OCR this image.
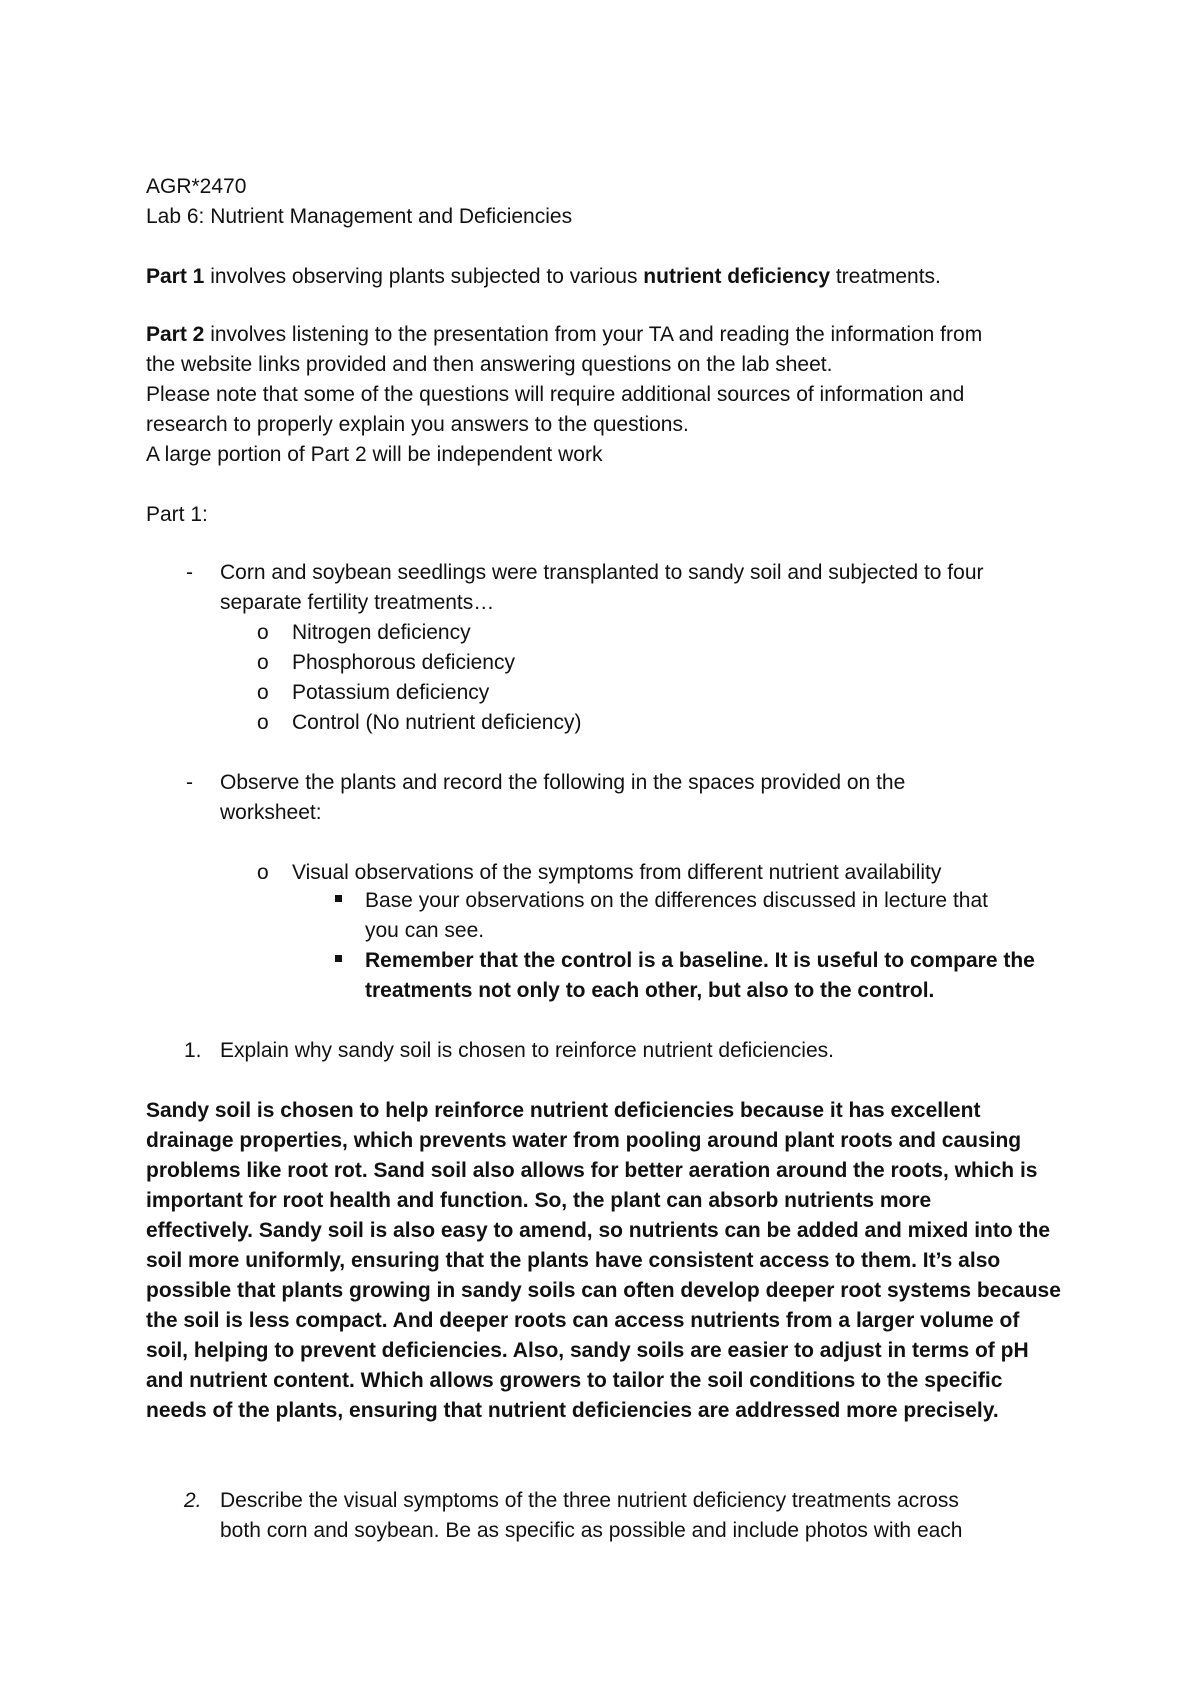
AGR*2470
Lab 6: Nutrient Management and Deficiencies
Part 1 involves observing plants subjected to various nutrient deficiency treatments.
Part 2 involves listening to the presentation from your TA and reading the information from
the website links provided and then answering questions on the lab sheet.
Please note that some of the questions will require additional sources of information and
research to properly explain you answers to the questions.
A large portion of Part 2 will be independent work
Part 1:
- Corn and soybean seedlings were transplanted to sandy soil and subjected to four
separate fertility treatments…
o Nitrogen deficiency
o Phosphorous deficiency
o Potassium deficiency
o Control (No nutrient deficiency)
- Observe the plants and record the following in the spaces provided on the
worksheet:
o Visual observations of the symptoms from different nutrient availability
Base your observations on the differences discussed in lecture that
you can see.
Remember that the control is a baseline. It is useful to compare the
treatments not only to each other, but also to the control.
1. Explain why sandy soil is chosen to reinforce nutrient deficiencies.
Sandy soil is chosen to help reinforce nutrient deficiencies because it has excellent
drainage properties, which prevents water from pooling around plant roots and causing
problems like root rot. Sand soil also allows for better aeration around the roots, which is
important for root health and function. So, the plant can absorb nutrients more
effectively. Sandy soil is also easy to amend, so nutrients can be added and mixed into the
soil more uniformly, ensuring that the plants have consistent access to them. It’s also
possible that plants growing in sandy soils can often develop deeper root systems because
the soil is less compact. And deeper roots can access nutrients from a larger volume of
soil, helping to prevent deficiencies. Also, sandy soils are easier to adjust in terms of pH
and nutrient content. Which allows growers to tailor the soil conditions to the specific
needs of the plants, ensuring that nutrient deficiencies are addressed more precisely.
2. Describe the visual symptoms of the three nutrient deficiency treatments across
both corn and soybean. Be as specific as possible and include photos with each
